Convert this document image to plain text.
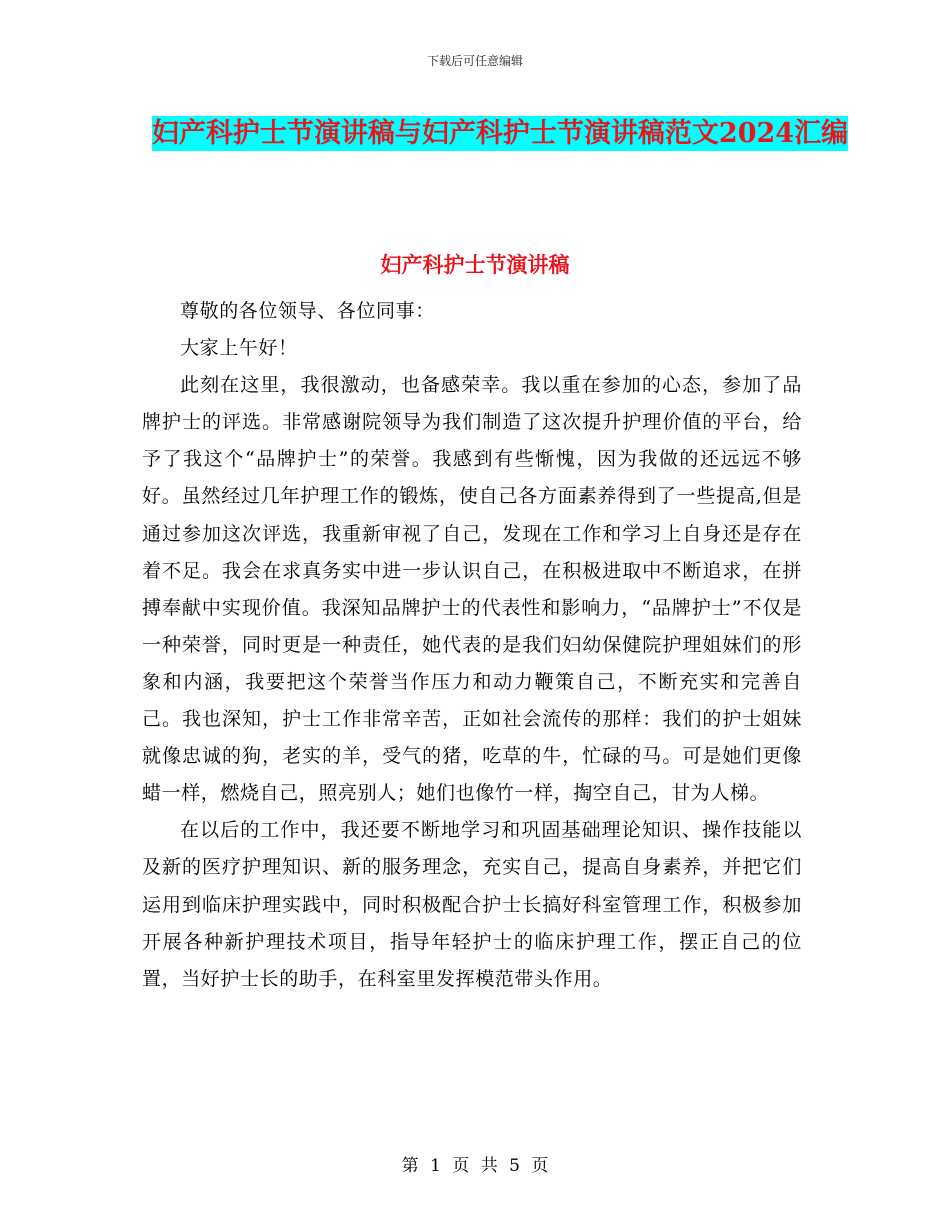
下载后可任意编辑
妇产科护士节演讲稿与妇产科护士节演讲稿范文2024汇编
妇产科护士节演讲稿

尊敬的各位领导、各位同事：

大家上午好！

此刻在这里，我很激动，也备感荣幸。我以重在参加的心态，参加了品牌护士的评选。非常感谢院领导为我们制造了这次提升护理价值的平台，给予了我这个“品牌护士”的荣誉。我感到有些惭愧，因为我做的还远远不够好。虽然经过几年护理工作的锻炼，使自己各方面素养得到了一些提高,但是通过参加这次评选，我重新审视了自己，发现在工作和学习上自身还是存在着不足。我会在求真务实中进一步认识自己，在积极进取中不断追求，在拼搏奉献中实现价值。我深知品牌护士的代表性和影响力，“品牌护士”不仅是一种荣誉，同时更是一种责任，她代表的是我们妇幼保健院护理姐妹们的形象和内涵，我要把这个荣誉当作压力和动力鞭策自己，不断充实和完善自己。我也深知，护士工作非常辛苦，正如社会流传的那样：我们的护士姐妹就像忠诚的狗，老实的羊，受气的猪，吃草的牛，忙碌的马。可是她们更像蜡一样，燃烧自己，照亮别人；她们也像竹一样，掏空自己，甘为人梯。

在以后的工作中，我还要不断地学习和巩固基础理论知识、操作技能以及新的医疗护理知识、新的服务理念，充实自己，提高自身素养，并把它们运用到临床护理实践中，同时积极配合护士长搞好科室管理工作，积极参加开展各种新护理技术项目，指导年轻护士的临床护理工作，摆正自己的位置，当好护士长的助手，在科室里发挥模范带头作用。

第 1 页 共 5 页
